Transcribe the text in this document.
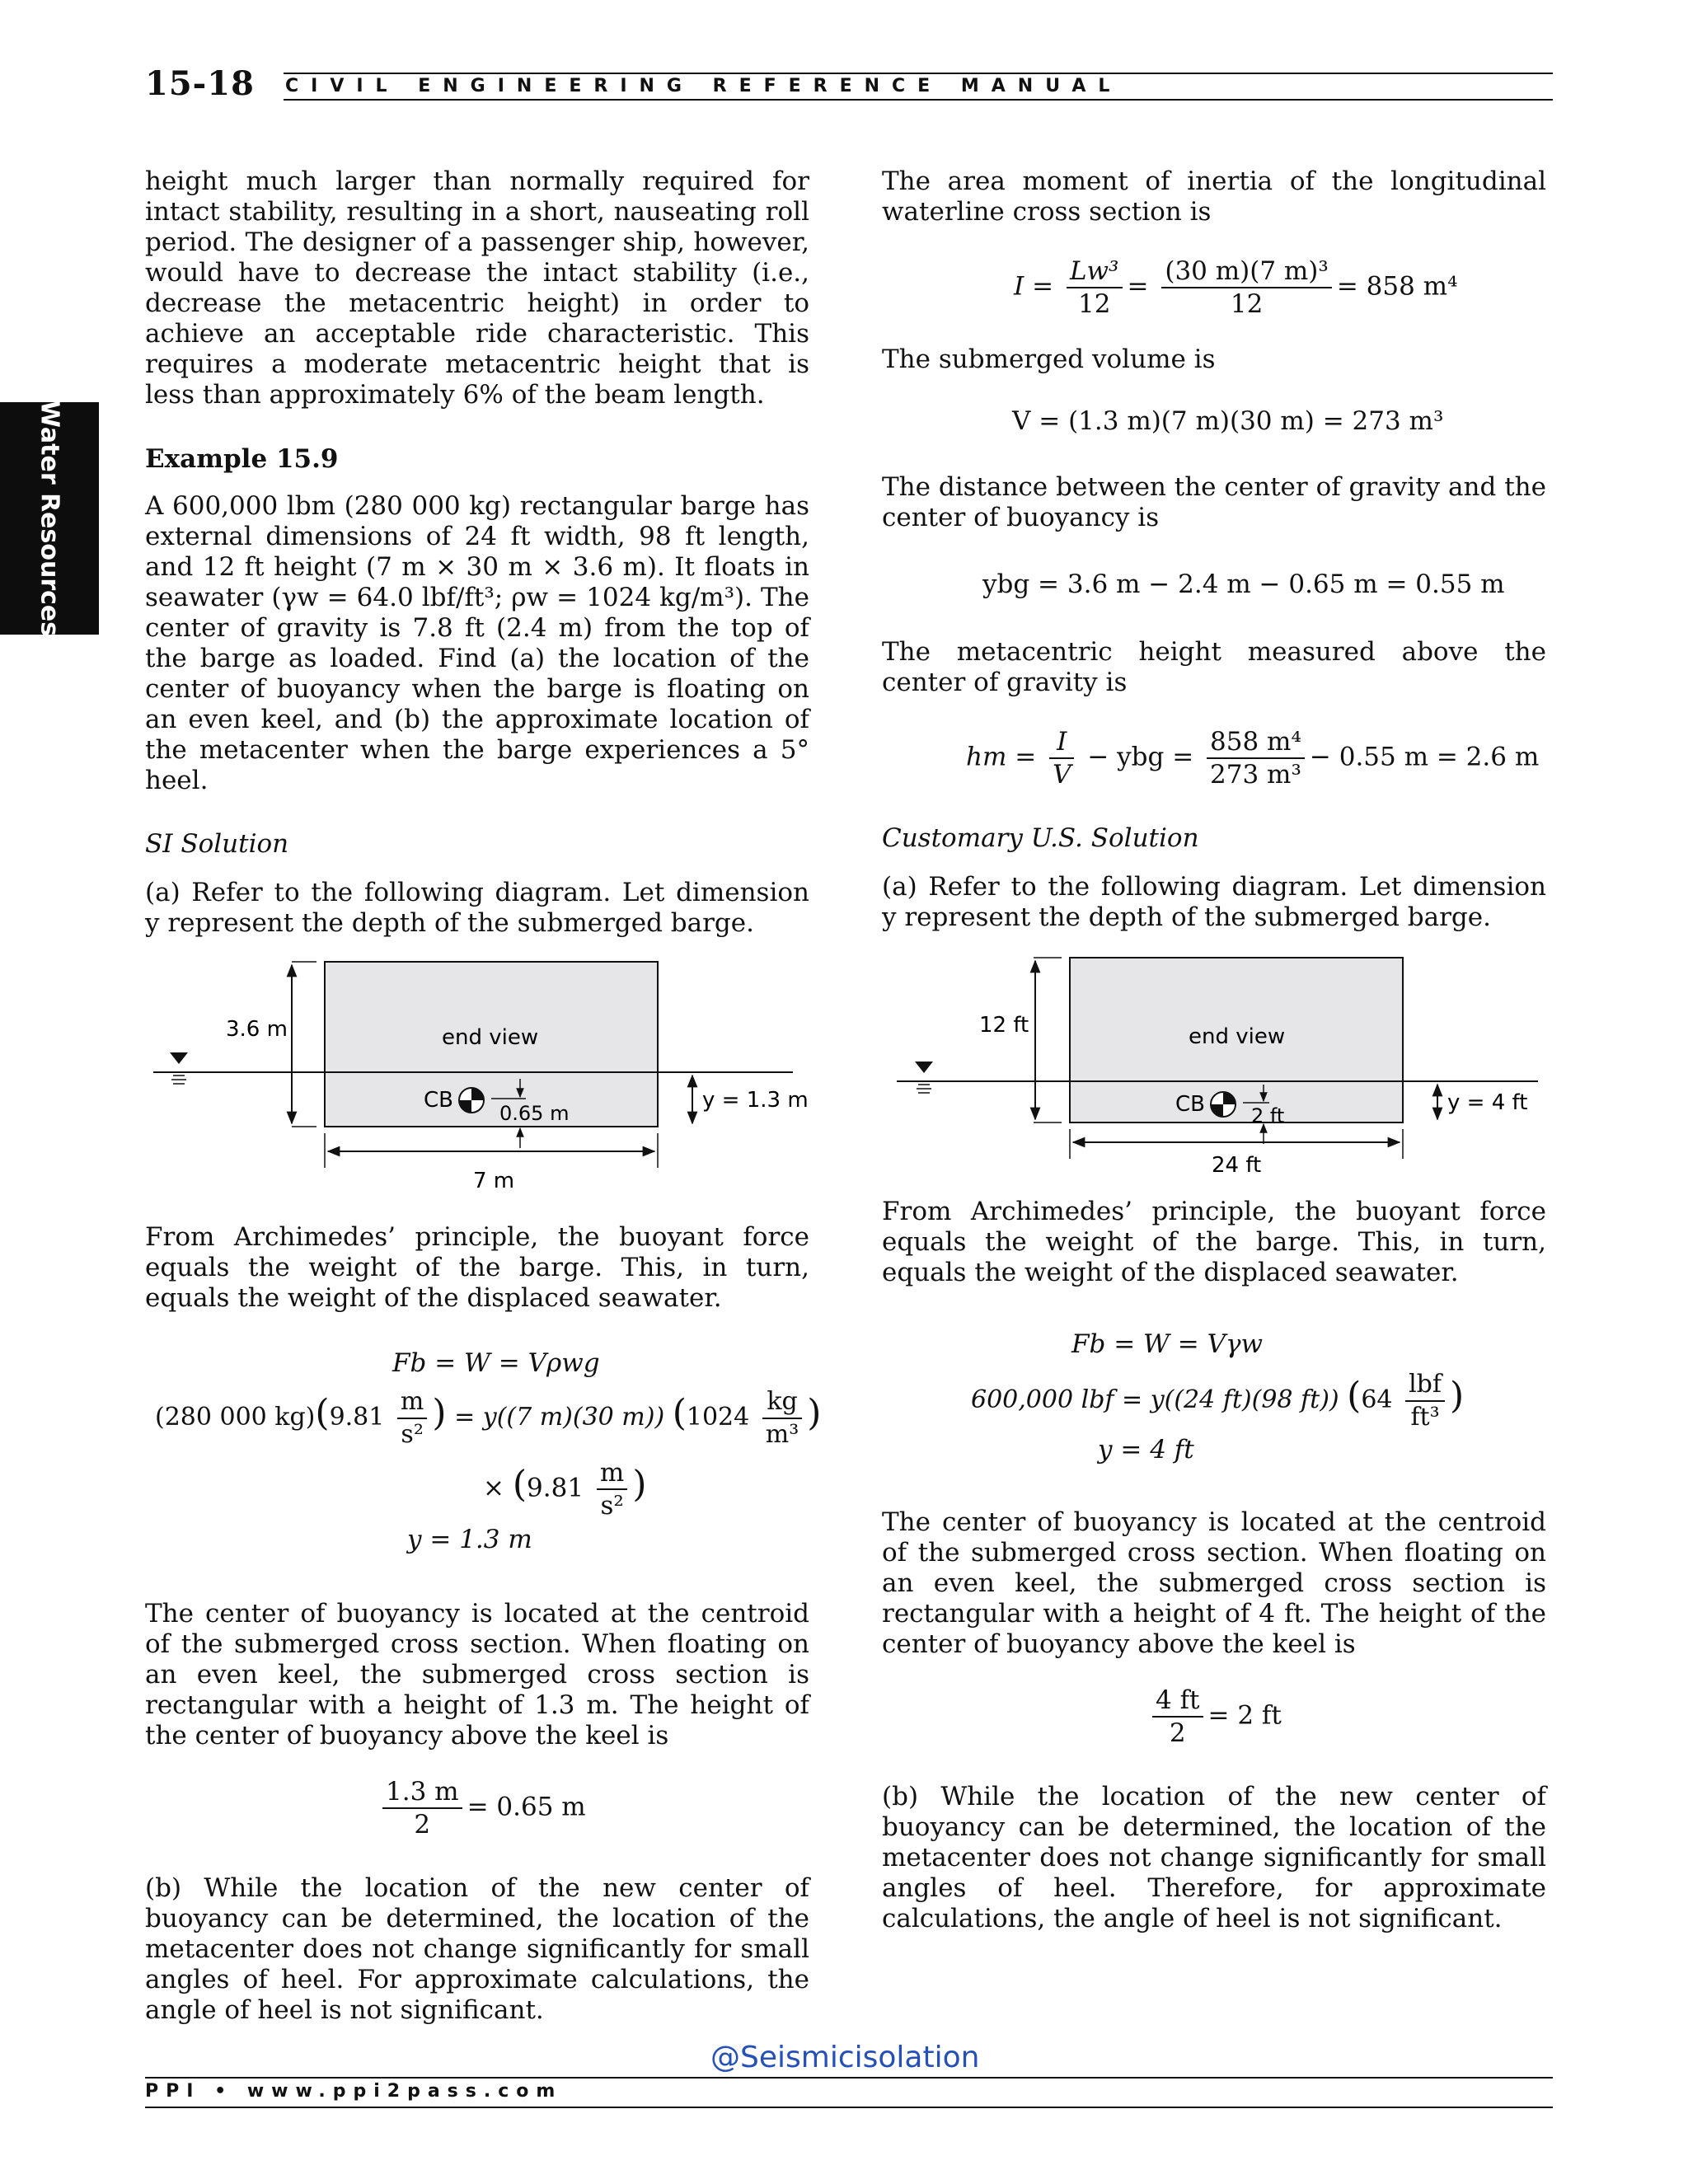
15-18 CIVIL ENGINEERING REFERENCE MANUAL
Water Resources

height much larger than normally required for intact stability, resulting in a short, nauseating roll period. The designer of a passenger ship, however, would have to decrease the intact stability (i.e., decrease the metacentric height) in order to achieve an acceptable ride characteristic. This requires a moderate metacentric height that is less than approximately 6% of the beam length.

Example 15.9

A 600,000 lbm (280 000 kg) rectangular barge has external dimensions of 24 ft width, 98 ft length, and 12 ft height (7 m × 30 m × 3.6 m). It floats in seawater (γw = 64.0 lbf/ft³; ρw = 1024 kg/m³). The center of gravity is 7.8 ft (2.4 m) from the top of the barge as loaded. Find (a) the location of the center of buoyancy when the barge is floating on an even keel, and (b) the approximate location of the metacenter when the barge experiences a 5° heel.

SI Solution

(a) Refer to the following diagram. Let dimension y represent the depth of the submerged barge.

3.6 m	end view
CB
0.65 m
y = 1.3 m
7 m

From Archimedes’ principle, the buoyant force equals the weight of the barge. This, in turn, equals the weight of the displaced seawater.

Fb = W = Vρwg
(280 000 $kg)(9.81 \frac{m}{\text{s²}}$ ) = y((7 m)(30 m)) ($1024 \frac{kg}{\text{m³}}$ )
× ($9.81 \frac{m}{\text{s²}}$ )
y = 1.3 m

The center of buoyancy is located at the centroid of the submerged cross section. When floating on an even keel, the submerged cross section is rectangular with a height of 1.3 m. The height of the center of buoyancy above the keel is

$\frac{1.3 m}{2} = 0.65$ m

(b) While the location of the new center of buoyancy can be determined, the location of the metacenter does not change significantly for small angles of heel. For approximate calculations, the angle of heel is not significant.

The area moment of inertia of the longitudinal waterline cross section is

$I = \frac{\text{Lw³}}{12} = \frac{\text{(30 m)(7 m)³}}{12} = 858$ m⁴

The submerged volume is

V = (1.3 m)(7 m)(30 m) = 273 m³

The distance between the center of gravity and the center of buoyancy is

ybg = 3.6 m − 2.4 m − 0.65 m = 0.55 m

The metacentric height measured above the center of gravity is

hm = $\frac{I}{V}$ − ybg = $\frac{\text{858 m⁴}}{\text{273 m³}} - 0.55$ m = 2.6 m
Customary U.S. Solution

(a) Refer to the following diagram. Let dimension y represent the depth of the submerged barge.

12 ft	end view
CB 2 ft
y = 4 ft
24 ft

From Archimedes’ principle, the buoyant force equals the weight of the barge. This, in turn, equals the weight of the displaced seawater.

Fb = W = Vγw
600,000 lbf = y((24 ft)(98 ft)) ($64 \frac{\text{lbf}}{\text{ft³}}$ )
y = 4 ft

The center of buoyancy is located at the centroid of the submerged cross section. When floating on an even keel, the submerged cross section is rectangular with a height of 4 ft. The height of the center of buoyancy above the keel is

$\frac{4 ft}{2} = 2$ ft

(b) While the location of the new center of buoyancy can be determined, the location of the metacenter does not change significantly for small angles of heel. Therefore, for approximate calculations, the angle of heel is not significant.

@Seismicisolation
PPI • www.ppi2pass.com
